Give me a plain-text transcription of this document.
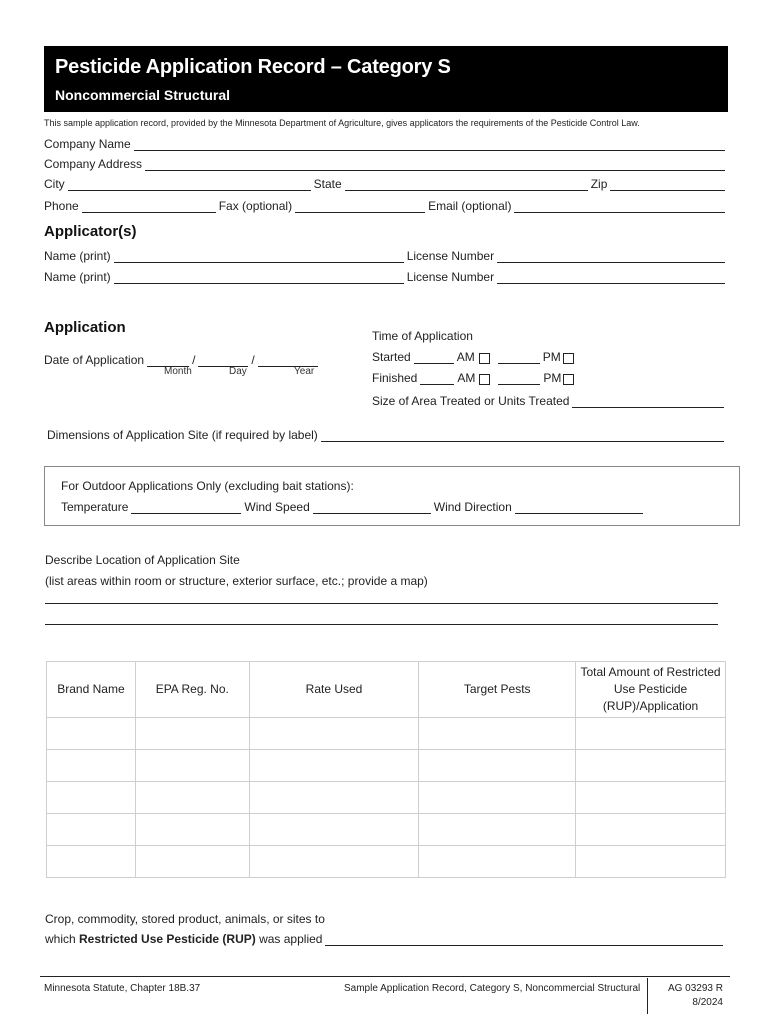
Pesticide Application Record – Category S
Noncommercial Structural
This sample application record, provided by the Minnesota Department of Agriculture, gives applicators the requirements of the Pesticide Control Law.
Company Name
Company Address
City	State	Zip
Phone	Fax (optional)	Email (optional)
Applicator(s)
Name (print)	License Number
Name (print)	License Number
Application
Date of Application	/	/
Month	Day	Year
Time of Application
Started	AM	PM
Finished	AM	PM
Size of Area Treated or Units Treated
Dimensions of Application Site (if required by label)
For Outdoor Applications Only (excluding bait stations):
Temperature	Wind Speed	Wind Direction
Describe Location of Application Site
(list areas within room or structure, exterior surface, etc.; provide a map)
Brand Name	EPA Reg. No.	Rate Used	Target Pests	Total Amount of Restricted Use Pesticide (RUP)/Application

Crop, commodity, stored product, animals, or sites to
which Restricted Use Pesticide (RUP) was applied
Minnesota Statute, Chapter 18B.37	Sample Application Record, Category S, Noncommercial Structural	AG 03293 R
8/2024
